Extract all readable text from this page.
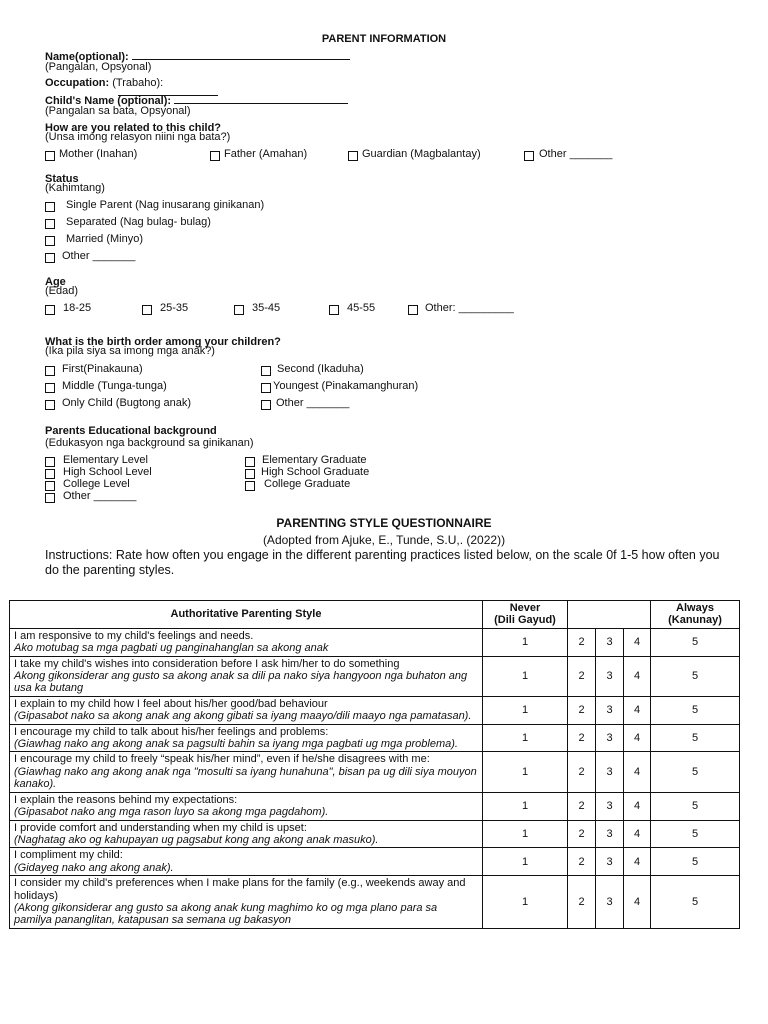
PARENT INFORMATION
Name(optional):
(Pangalan, Opsyonal)
Occupation: (Trabaho):
Child's Name (optional):
(Pangalan sa bata, Opsyonal)
How are you related to this child?
(Unsa imong relasyon niini nga bata?)
Mother (Inahan)	Father (Amahan)	Guardian (Magbalantay)	Other _______
Status
(Kahimtang)
Single Parent (Nag inusarang ginikanan)
Separated (Nag bulag- bulag)
Married (Minyo)
Other _______
Age
(Edad)
18-25	25-35	35-45	45-55	Other: _________
What is the birth order among your children?
(Ika pila siya sa imong mga anak?)
First(Pinakauna)	Second (Ikaduha)
Middle (Tunga-tunga)	Youngest (Pinakamanghuran)
Only Child (Bugtong anak)	Other _______
Parents Educational background
(Edukasyon nga background sa ginikanan)
Elementary Level	Elementary Graduate
High School Level	High School Graduate
College Level	College Graduate
Other _______
PARENTING STYLE QUESTIONNAIRE
(Adopted from Ajuke, E., Tunde, S.U,. (2022))
Instructions: Rate how often you engage in the different parenting practices listed below, on the scale 0f 1-5 how often you do the parenting styles.
Authoritative Parenting Style	Never
(Dili Gayud)				Always
(Kanunay)

I am responsive to my child's feelings and needs.
Ako motubag sa mga pagbati ug panginahanglan sa akong anak	1	2	3	4	5

I take my child's wishes into consideration before I ask him/her to do something
Akong gikonsiderar ang gusto sa akong anak sa dili pa nako siya hangyoon nga buhaton ang usa ka butang	1	2	3	4	5

I explain to my child how I feel about his/her good/bad behaviour
(Gipasabot nako sa akong anak ang akong gibati sa iyang maayo/dili maayo nga pamatasan).	1	2	3	4	5

I encourage my child to talk about his/her feelings and problems:
(Giawhag nako ang akong anak sa pagsulti bahin sa iyang mga pagbati ug mga problema).	1	2	3	4	5

I encourage my child to freely “speak his/her mind”, even if he/she disagrees with me:
(Giawhag nako ang akong anak nga "mosulti sa iyang hunahuna", bisan pa ug dili siya mouyon kanako).	1	2	3	4	5

I explain the reasons behind my expectations:
(Gipasabot nako ang mga rason luyo sa akong mga pagdahom).	1	2	3	4	5

I provide comfort and understanding when my child is upset:
(Naghatag ako og kahupayan ug pagsabut kong ang akong anak masuko).	1	2	3	4	5

I compliment my child:
(Gidayeg nako ang akong anak).	1	2	3	4	5

I consider my child's preferences when I make plans for the family (e.g., weekends away and holidays)
(Akong gikonsiderar ang gusto sa akong anak kung maghimo ko og mga plano para sa pamilya pananglitan, katapusan sa semana ug bakasyon	1	2	3	4	5
